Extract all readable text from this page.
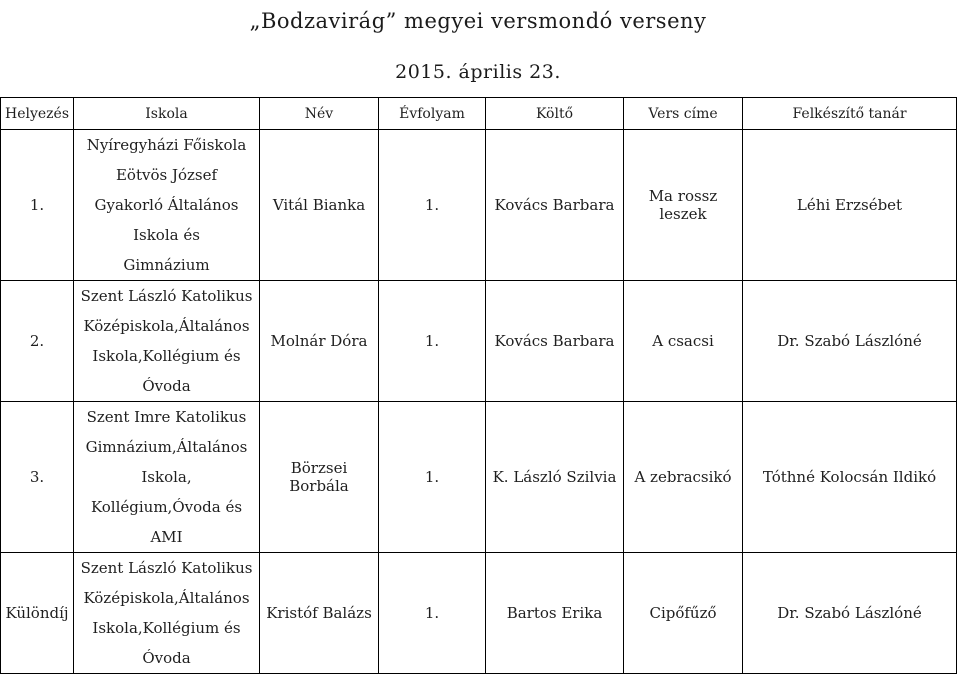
„Bodzavirág” megyei versmondó verseny
2015. április 23.
Helyezés	Iskola	Név	Évfolyam	Költő	Vers címe	Felkészítő tanár
1.	Nyíregyházi Főiskola Eötvös József
Gyakorló Általános Iskola és
Gimnázium	Vitál Bianka	1.	Kovács Barbara	Ma rossz leszek	Léhi Erzsébet
2.	Szent László Katolikus
Középiskola,Általános
Iskola,Kollégium és Óvoda	Molnár Dóra	1.	Kovács Barbara	A csacsi	Dr. Szabó Lászlóné
3.	Szent Imre Katolikus
Gimnázium,Általános Iskola,
Kollégium,Óvoda és AMI	Börzsei Borbála	1.	K. László Szilvia	A zebracsikó	Tóthné Kolocsán Ildikó
Különdíj	Szent László Katolikus
Középiskola,Általános
Iskola,Kollégium és Óvoda	Kristóf Balázs	1.	Bartos Erika	Cipőfűző	Dr. Szabó Lászlóné
